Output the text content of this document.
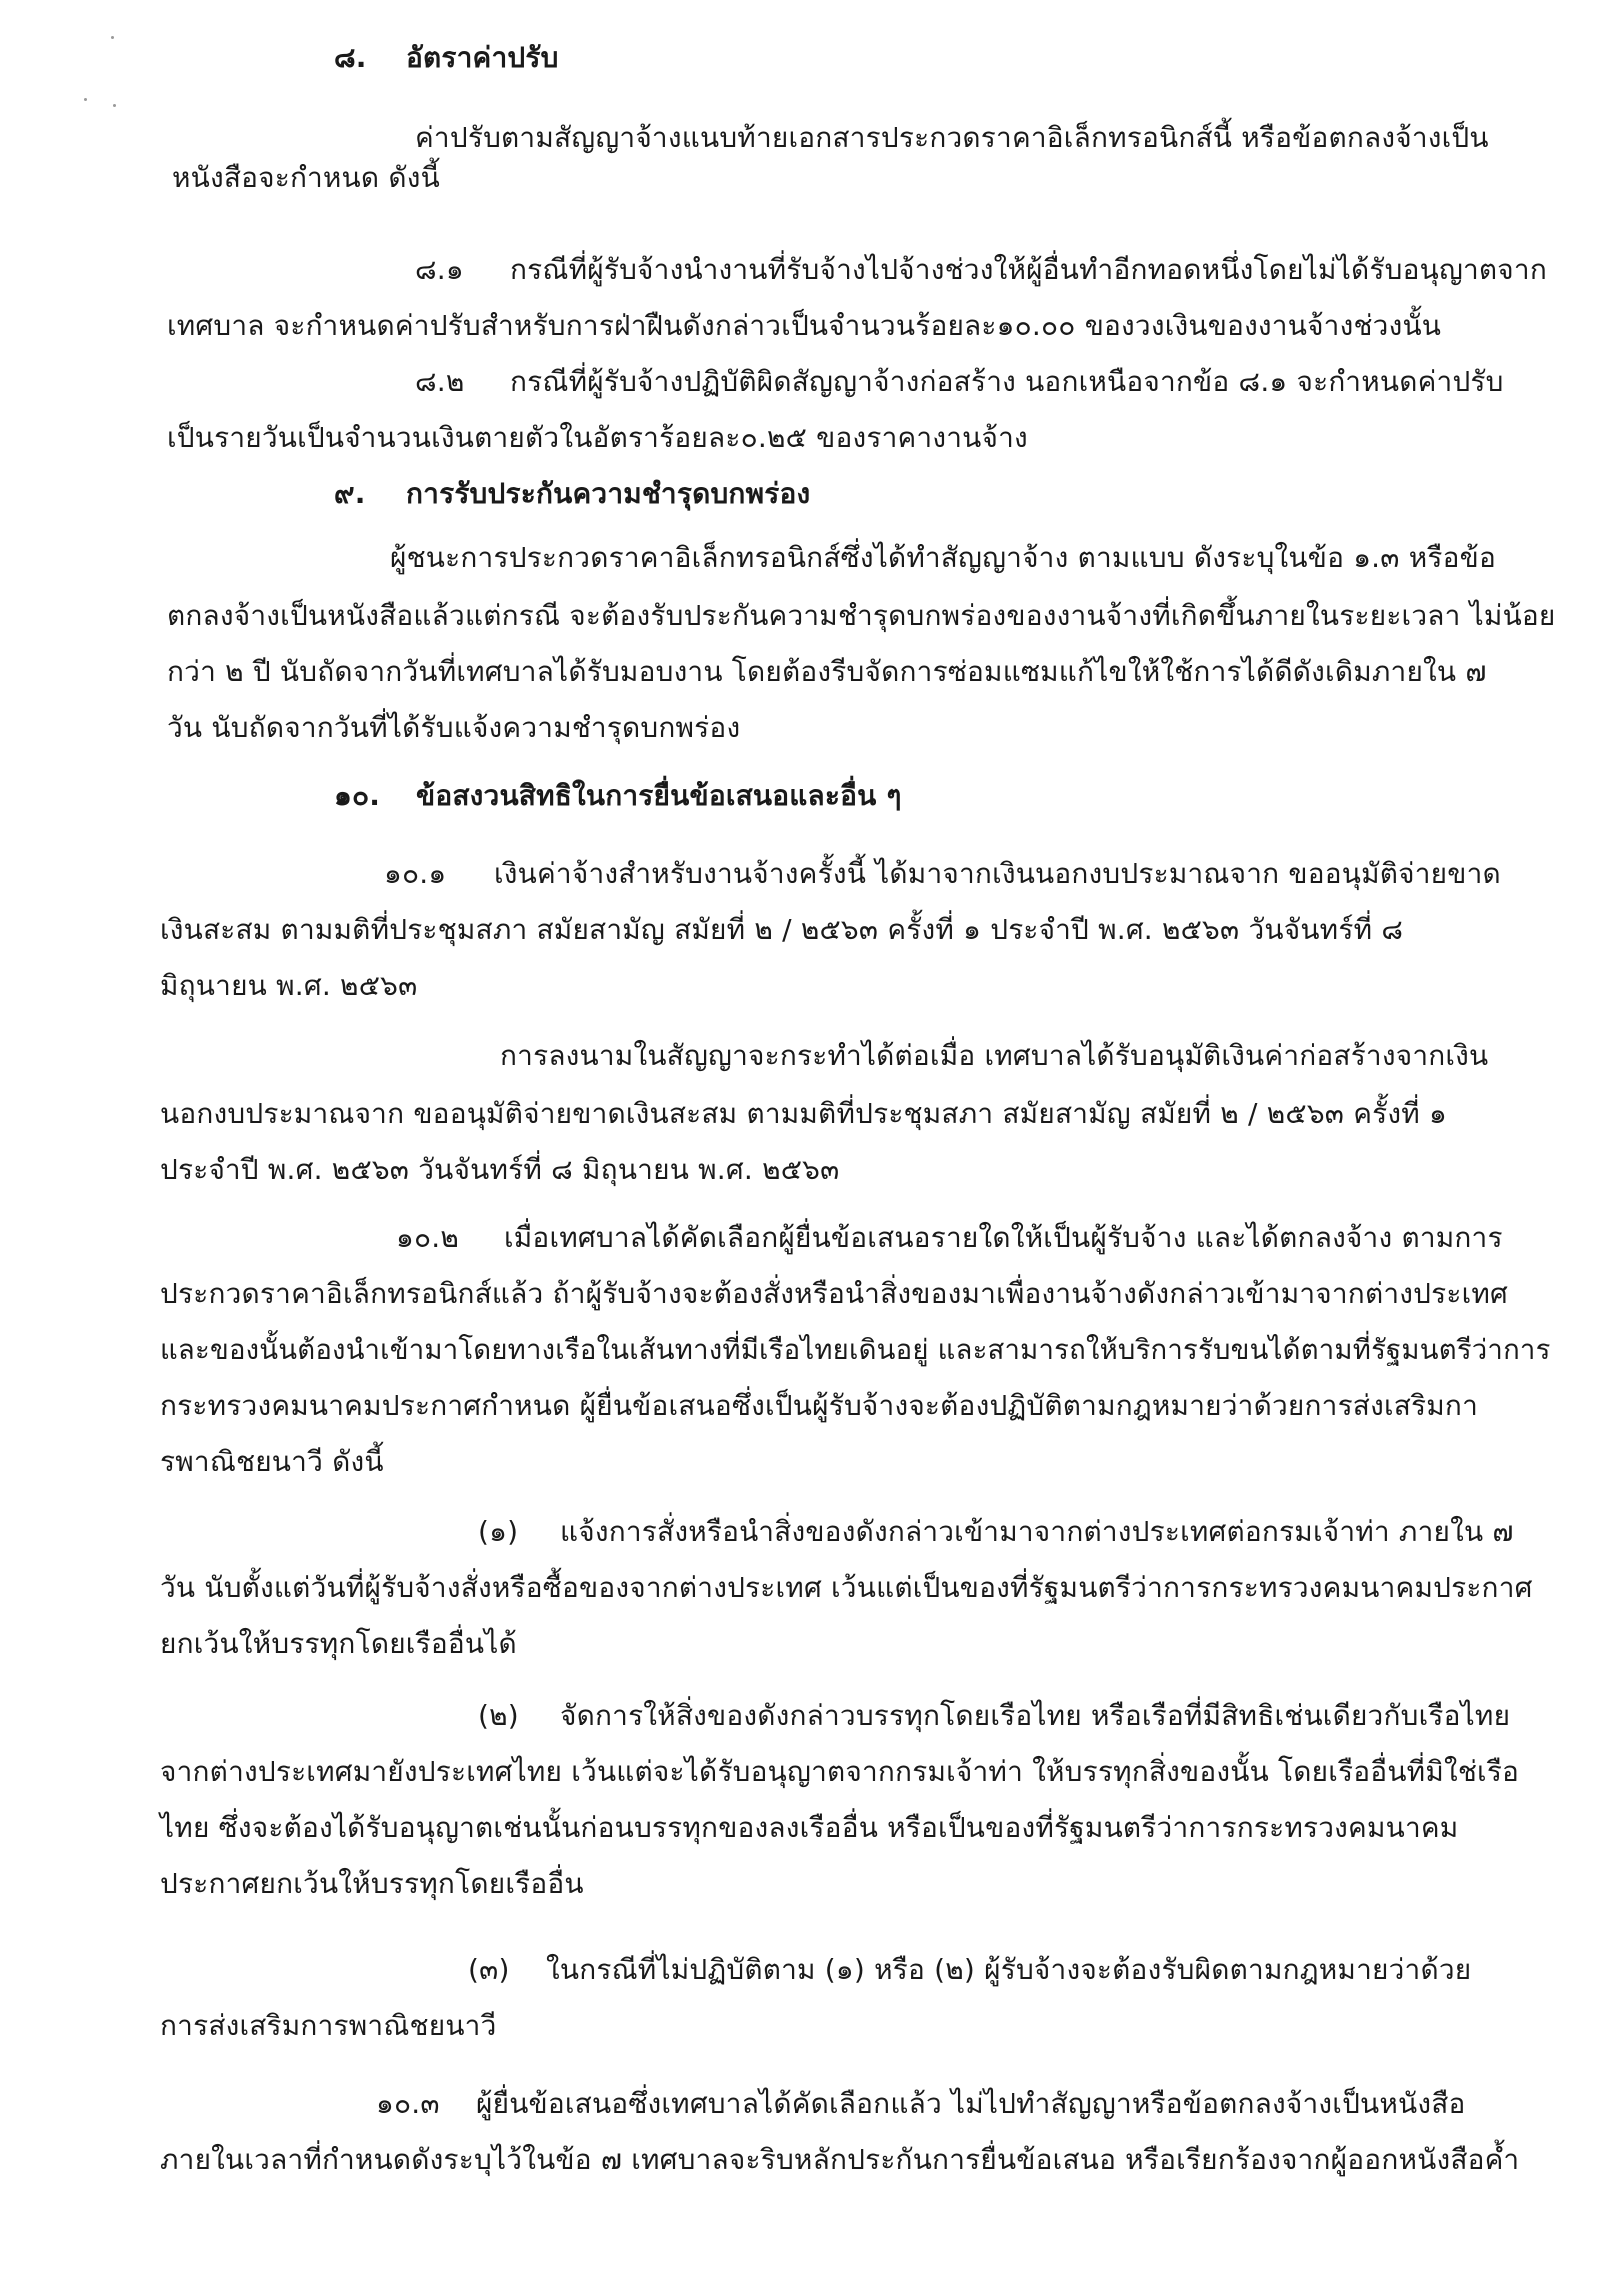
๘. อัตราค่าปรับ
ค่าปรับตามสัญญาจ้างแนบท้ายเอกสารประกวดราคาอิเล็กทรอนิกส์นี้ หรือข้อตกลงจ้างเป็น
หนังสือจะกำหนด ดังนี้
๘.๑ กรณีที่ผู้รับจ้างนำงานที่รับจ้างไปจ้างช่วงให้ผู้อื่นทำอีกทอดหนึ่งโดยไม่ได้รับอนุญาตจาก
เทศบาล จะกำหนดค่าปรับสำหรับการฝ่าฝืนดังกล่าวเป็นจำนวนร้อยละ๑๐.๐๐ ของวงเงินของงานจ้างช่วงนั้น
๘.๒ กรณีที่ผู้รับจ้างปฏิบัติผิดสัญญาจ้างก่อสร้าง นอกเหนือจากข้อ ๘.๑ จะกำหนดค่าปรับ
เป็นรายวันเป็นจำนวนเงินตายตัวในอัตราร้อยละ๐.๒๕ ของราคางานจ้าง
๙. การรับประกันความชำรุดบกพร่อง
ผู้ชนะการประกวดราคาอิเล็กทรอนิกส์ซึ่งได้ทำสัญญาจ้าง ตามแบบ ดังระบุในข้อ ๑.๓ หรือข้อ
ตกลงจ้างเป็นหนังสือแล้วแต่กรณี จะต้องรับประกันความชำรุดบกพร่องของงานจ้างที่เกิดขึ้นภายในระยะเวลา ไม่น้อย
กว่า ๒ ปี นับถัดจากวันที่เทศบาลได้รับมอบงาน โดยต้องรีบจัดการซ่อมแซมแก้ไขให้ใช้การได้ดีดังเดิมภายใน ๗
วัน นับถัดจากวันที่ได้รับแจ้งความชำรุดบกพร่อง
๑๐. ข้อสงวนสิทธิในการยื่นข้อเสนอและอื่น ๆ
๑๐.๑ เงินค่าจ้างสำหรับงานจ้างครั้งนี้ ได้มาจากเงินนอกงบประมาณจาก ขออนุมัติจ่ายขาด
เงินสะสม ตามมติที่ประชุมสภา สมัยสามัญ สมัยที่ ๒ / ๒๕๖๓ ครั้งที่ ๑ ประจำปี พ.ศ. ๒๕๖๓ วันจันทร์ที่ ๘
มิถุนายน พ.ศ. ๒๕๖๓
การลงนามในสัญญาจะกระทำได้ต่อเมื่อ เทศบาลได้รับอนุมัติเงินค่าก่อสร้างจากเงิน
นอกงบประมาณจาก ขออนุมัติจ่ายขาดเงินสะสม ตามมติที่ประชุมสภา สมัยสามัญ สมัยที่ ๒ / ๒๕๖๓ ครั้งที่ ๑
ประจำปี พ.ศ. ๒๕๖๓ วันจันทร์ที่ ๘ มิถุนายน พ.ศ. ๒๕๖๓
๑๐.๒ เมื่อเทศบาลได้คัดเลือกผู้ยื่นข้อเสนอรายใดให้เป็นผู้รับจ้าง และได้ตกลงจ้าง ตามการ
ประกวดราคาอิเล็กทรอนิกส์แล้ว ถ้าผู้รับจ้างจะต้องสั่งหรือนำสิ่งของมาเพื่องานจ้างดังกล่าวเข้ามาจากต่างประเทศ
และของนั้นต้องนำเข้ามาโดยทางเรือในเส้นทางที่มีเรือไทยเดินอยู่ และสามารถให้บริการรับขนได้ตามที่รัฐมนตรีว่าการ
กระทรวงคมนาคมประกาศกำหนด ผู้ยื่นข้อเสนอซึ่งเป็นผู้รับจ้างจะต้องปฏิบัติตามกฎหมายว่าด้วยการส่งเสริมกา
รพาณิชยนาวี ดังนี้
(๑) แจ้งการสั่งหรือนำสิ่งของดังกล่าวเข้ามาจากต่างประเทศต่อกรมเจ้าท่า ภายใน ๗
วัน นับตั้งแต่วันที่ผู้รับจ้างสั่งหรือซื้อของจากต่างประเทศ เว้นแต่เป็นของที่รัฐมนตรีว่าการกระทรวงคมนาคมประกาศ
ยกเว้นให้บรรทุกโดยเรืออื่นได้
(๒) จัดการให้สิ่งของดังกล่าวบรรทุกโดยเรือไทย หรือเรือที่มีสิทธิเช่นเดียวกับเรือไทย
จากต่างประเทศมายังประเทศไทย เว้นแต่จะได้รับอนุญาตจากกรมเจ้าท่า ให้บรรทุกสิ่งของนั้น โดยเรืออื่นที่มิใช่เรือ
ไทย ซึ่งจะต้องได้รับอนุญาตเช่นนั้นก่อนบรรทุกของลงเรืออื่น หรือเป็นของที่รัฐมนตรีว่าการกระทรวงคมนาคม
ประกาศยกเว้นให้บรรทุกโดยเรืออื่น
(๓) ในกรณีที่ไม่ปฏิบัติตาม (๑) หรือ (๒) ผู้รับจ้างจะต้องรับผิดตามกฎหมายว่าด้วย
การส่งเสริมการพาณิชยนาวี
๑๐.๓ ผู้ยื่นข้อเสนอซึ่งเทศบาลได้คัดเลือกแล้ว ไม่ไปทำสัญญาหรือข้อตกลงจ้างเป็นหนังสือ
ภายในเวลาที่กำหนดดังระบุไว้ในข้อ ๗ เทศบาลจะริบหลักประกันการยื่นข้อเสนอ หรือเรียกร้องจากผู้ออกหนังสือค้ำ
